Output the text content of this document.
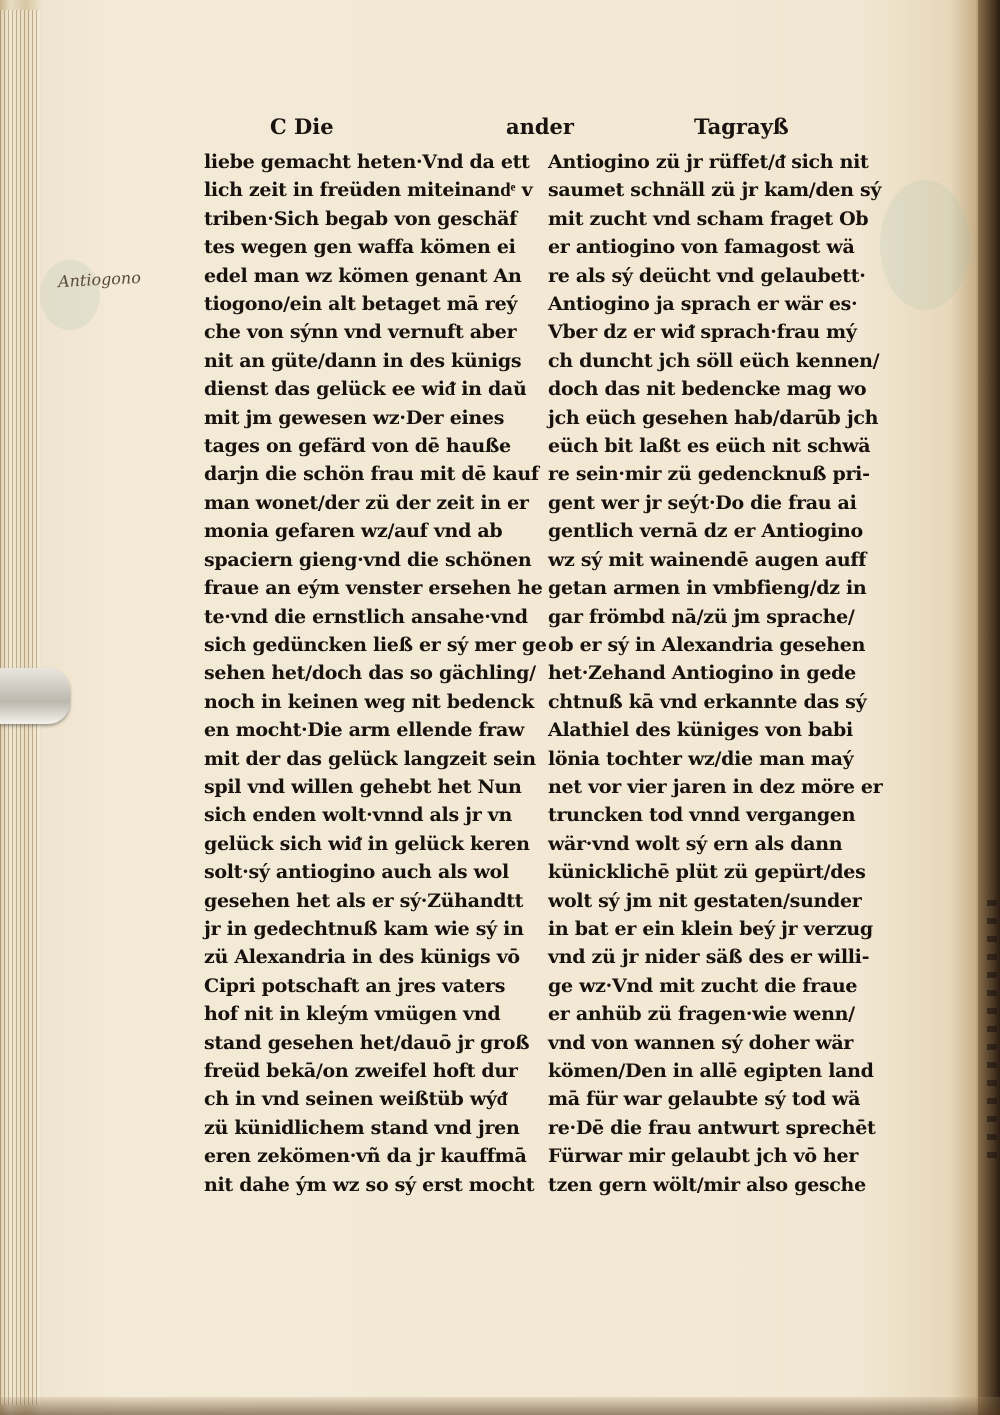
Antiogono
C Die	ander	Tagrayß
liebe gemacht heten·Vnd da ett
lich zeit in freüden miteinandͤ v
triben·Sich begab von geschäf
tes wegen gen waffa kömen ei
edel man wz kömen genant An
tiogono/ein alt betaget mā reý
che von sýnn vnd vernuft aber
nit an güte/dann in des künigs
dienst das gelück ee wiᵭ in daŭ
mit jm gewesen wz·Der eines
tages on gefärd von dē hauße
darjn die schön frau mit dē kauf
man wonet/der zü der zeit in er
monia gefaren wz/auf vnd ab
spaciern gieng·vnd die schönen
fraue an eým venster ersehen he
te·vnd die ernstlich ansahe·vnd
sich gedüncken ließ er sý mer ge
sehen het/doch das so gächling/
noch in keinen weg nit bedenck
en mocht·Die arm ellende fraw
mit der das gelück langzeit sein
spil vnd willen gehebt het Nun
sich enden wolt·vnnd als jr vn
gelück sich wiᵭ in gelück keren
solt·sý antiogino auch als wol
gesehen het als er sý·Zühandtt
jr in gedechtnuß kam wie sý in
zü Alexandria in des künigs vō
Cipri potschaft an jres vaters
hof nit in kleým vmügen vnd
stand gesehen het/dauō jr groß
freüd bekā/on zweifel hoft dur
ch in vnd seinen weißtüb wýᵭ
zü künidlichem stand vnd jren
eren zekömen·vñ da jr kauffmā
nit dahe ým wz so sý erst mocht
Antiogino zü jr rüffet/ᵭ sich nit
saumet schnäll zü jr kam/den sý
mit zucht vnd scham fraget Ob
er antiogino von famagost wä
re als sý deücht vnd gelaubett·
Antiogino ja sprach er wär es·
Vber dz er wiᵭ sprach·frau mý
ch duncht jch söll eüch kennen/
doch das nit bedencke mag wo
jch eüch gesehen hab/darūb jch
eüch bit laßt es eüch nit schwä
re sein·mir zü gedencknuß pri-
gent wer jr seýt·Do die frau ai
gentlich vernā dz er Antiogino
wz sý mit wainendē augen auff
getan armen in vmbfieng/dz in
gar frömbd nā/zü jm sprache/
ob er sý in Alexandria gesehen
het·Zehand Antiogino in gede
chtnuß kā vnd erkannte das sý
Alathiel des küniges von babi
lönia tochter wz/die man maý
net vor vier jaren in dez möre er
truncken tod vnnd vergangen
wär·vnd wolt sý ern als dann
künicklichē plüt zü gepürt/des
wolt sý jm nit gestaten/sunder
in bat er ein klein beý jr verzug
vnd zü jr nider säß des er willi-
ge wz·Vnd mit zucht die fraue
er anhüb zü fragen·wie wenn/
vnd von wannen sý doher wär
kömen/Den in allē egipten land
mā für war gelaubte sý tod wä
re·Dē die frau antwurt sprechēt
Fürwar mir gelaubt jch vō her
tzen gern wölt/mir also gesche
